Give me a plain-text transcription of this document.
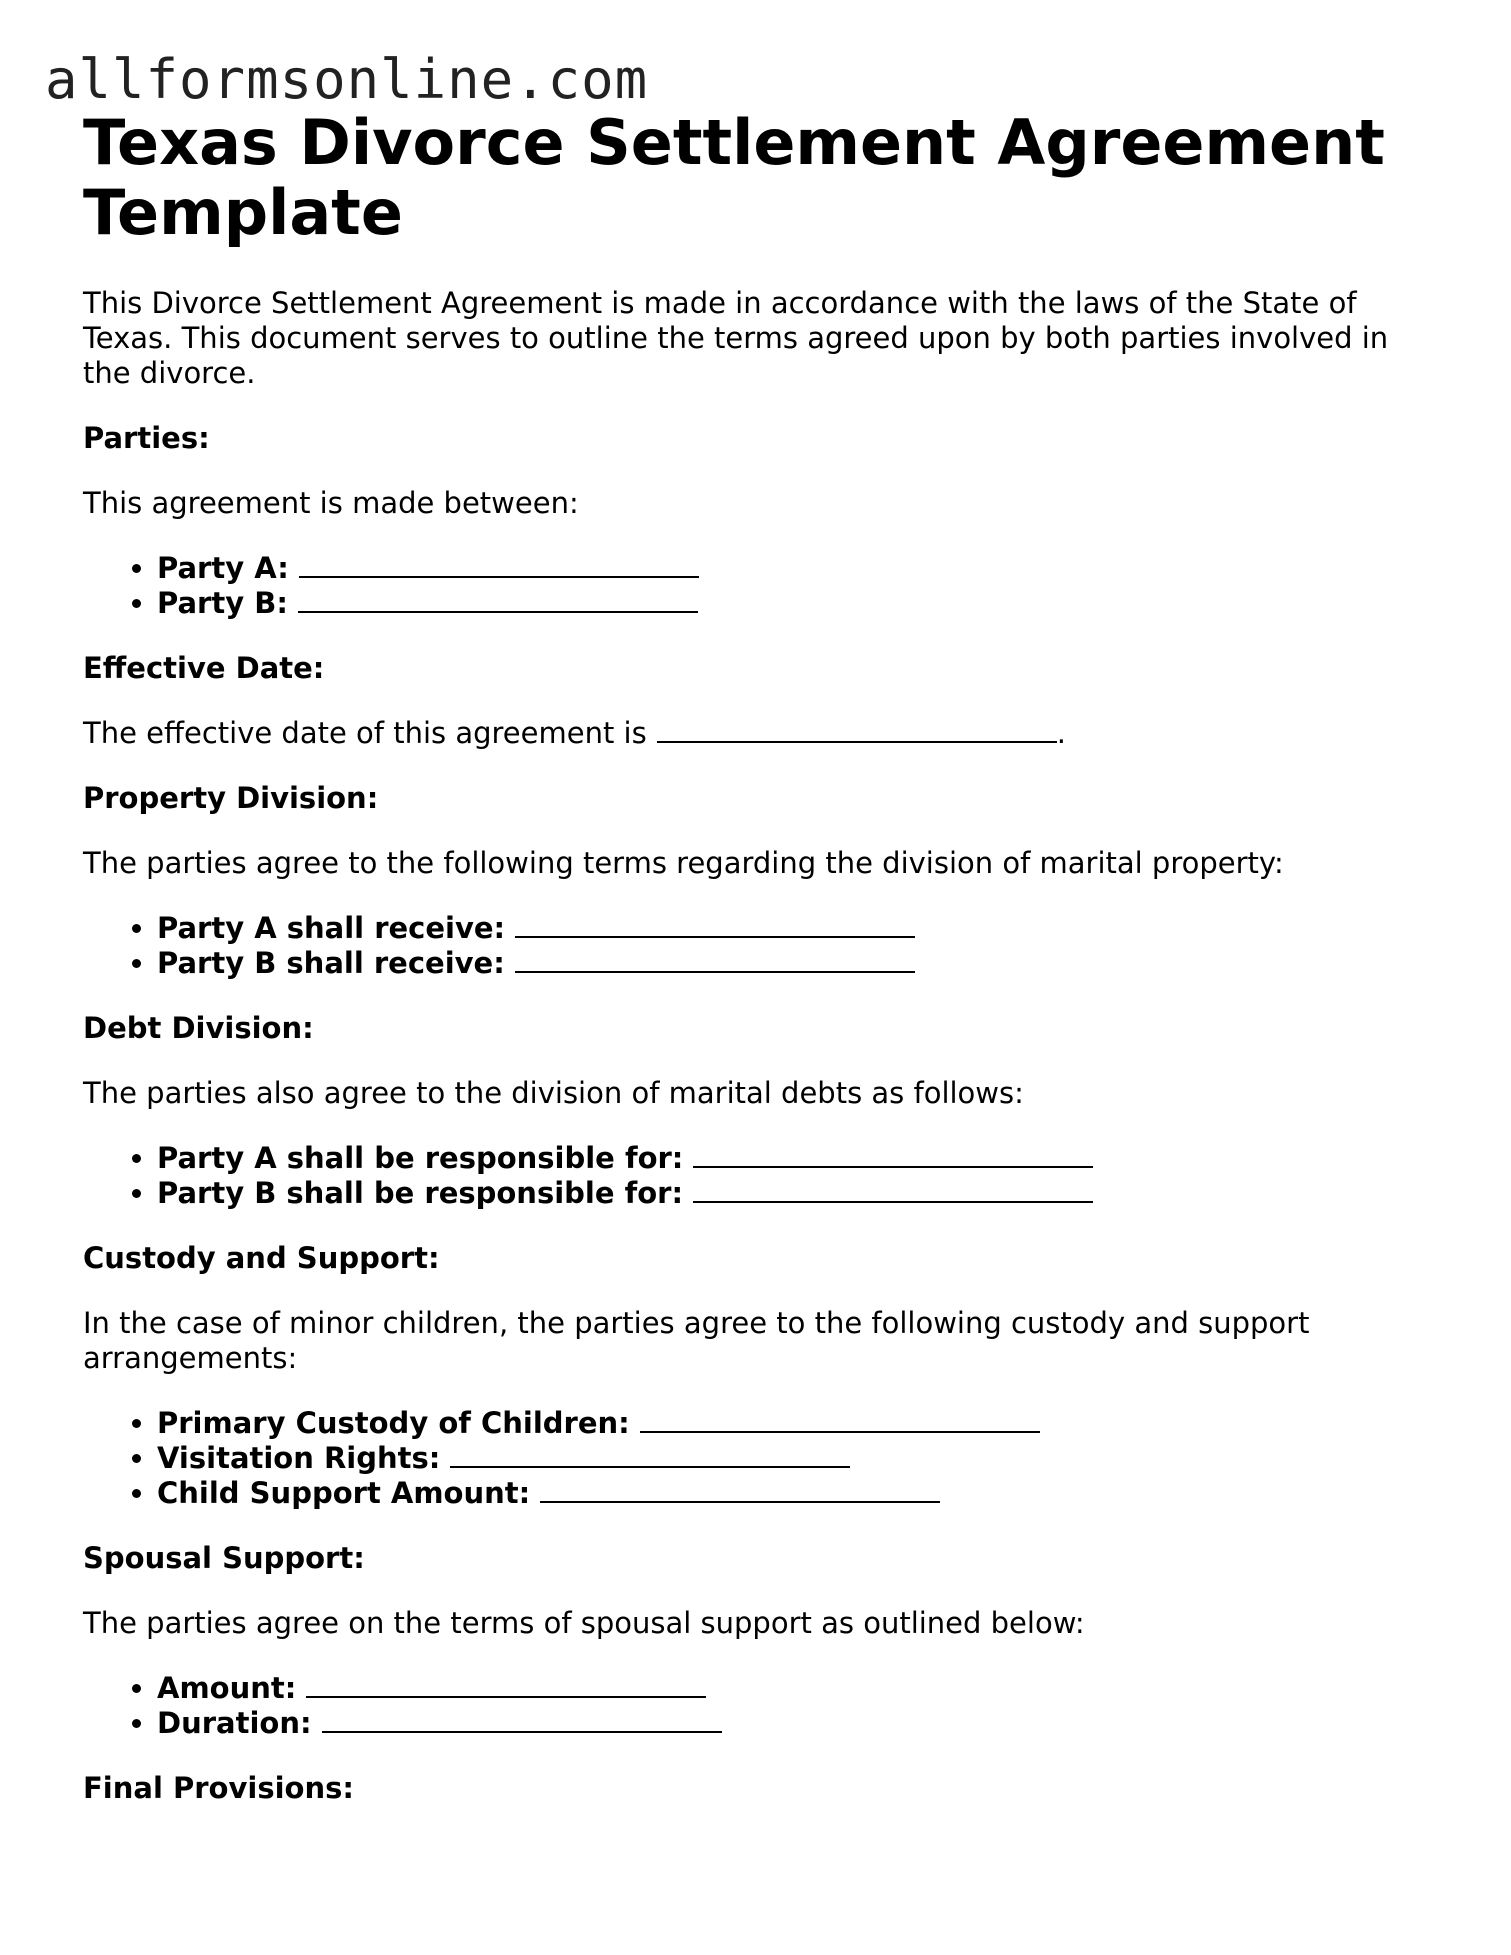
allformsonline.com
Texas Divorce Settlement Agreement Template

This Divorce Settlement Agreement is made in accordance with the laws of the State of Texas. This document serves to outline the terms agreed upon by both parties involved in the divorce.

Parties:

This agreement is made between:

• Party A:
• Party B:

Effective Date:

The effective date of this agreement is	.

Property Division:

The parties agree to the following terms regarding the division of marital property:

• Party A shall receive:
• Party B shall receive:

Debt Division:

The parties also agree to the division of marital debts as follows:

• Party A shall be responsible for:
• Party B shall be responsible for:

Custody and Support:

In the case of minor children, the parties agree to the following custody and support arrangements:

• Primary Custody of Children:
• Visitation Rights:
• Child Support Amount:

Spousal Support:

The parties agree on the terms of spousal support as outlined below:

• Amount:
• Duration:

Final Provisions:
